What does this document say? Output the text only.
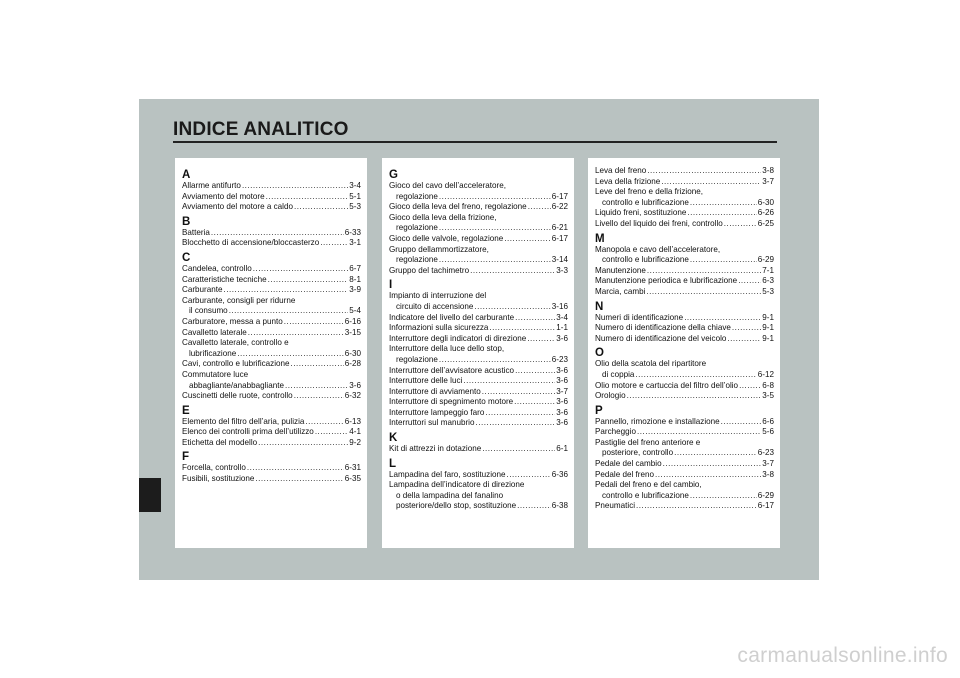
INDICE ANALITICO
A
Allarme antifurto .....	3-4
Avviamento del motore .....	5-1
Avviamento del motore a caldo .....	5-3
B
Batteria .....	6-33
Blocchetto di accensione/bloccasterzo .....	3-1
C
Candelea, controllo .....	6-7
Caratteristiche tecniche .....	8-1
Carburante .....	3-9
Carburante, consigli per ridurne
il consumo .....	5-4
Carburatore, messa a punto .....	6-16
Cavalletto laterale .....	3-15
Cavalletto laterale, controllo e
lubrificazione .....	6-30
Cavi, controllo e lubrificazione .....	6-28
Commutatore luce
abbagliante/anabbagliante .....	3-6
Cuscinetti delle ruote, controllo .....	6-32
E
Elemento del filtro dell’aria, pulizia .....	6-13
Elenco dei controlli prima dell’utilizzo .....	4-1
Etichetta del modello .....	9-2
F
Forcella, controllo .....	6-31
Fusibili, sostituzione .....	6-35
G
Gioco del cavo dell’acceleratore,
regolazione .....	6-17
Gioco della leva del freno, regolazione .....	6-22
Gioco della leva della frizione,
regolazione .....	6-21
Gioco delle valvole, regolazione .....	6-17
Gruppo dellammortizzatore,
regolazione .....	3-14
Gruppo del tachimetro .....	3-3
I
Impianto di interruzione del
circuito di accensione .....	3-16
Indicatore del livello del carburante .....	3-4
Informazioni sulla sicurezza .....	1-1
Interruttore degli indicatori di direzione .....	3-6
Interruttore della luce dello stop,
regolazione .....	6-23
Interruttore dell’avvisatore acustico .....	3-6
Interruttore delle luci .....	3-6
Interruttore di avviamento .....	3-7
Interruttore di spegnimento motore .....	3-6
Interruttore lampeggio faro .....	3-6
Interruttori sul manubrio .....	3-6
K
Kit di attrezzi in dotazione .....	6-1
L
Lampadina del faro, sostituzione .....	6-36
Lampadina dell’indicatore di direzione
o della lampadina del fanalino
posteriore/dello stop, sostituzione .....	6-38
Leva del freno .....	3-8
Leva della frizione .....	3-7
Leve del freno e della frizione,
controllo e lubrificazione .....	6-30
Liquido freni, sostituzione .....	6-26
Livello del liquido dei freni, controllo .....	6-25
M
Manopola e cavo dell’acceleratore,
controllo e lubrificazione .....	6-29
Manutenzione .....	7-1
Manutenzione periodica e lubrificazione .....	6-3
Marcia, cambi .....	5-3
N
Numeri di identificazione .....	9-1
Numero di identificazione della chiave .....	9-1
Numero di identificazione del veicolo .....	9-1
O
Olio della scatola del ripartitore
di coppia .....	6-12
Olio motore e cartuccia del filtro dell’olio .....	6-8
Orologio .....	3-5
P
Pannello, rimozione e installazione .....	6-6
Parcheggio .....	5-6
Pastiglie del freno anteriore e
posteriore, controllo .....	6-23
Pedale del cambio .....	3-7
Pedale del freno .....	3-8
Pedali del freno e del cambio,
controllo e lubrificazione .....	6-29
Pneumatici .....	6-17
carmanualsonline.info
